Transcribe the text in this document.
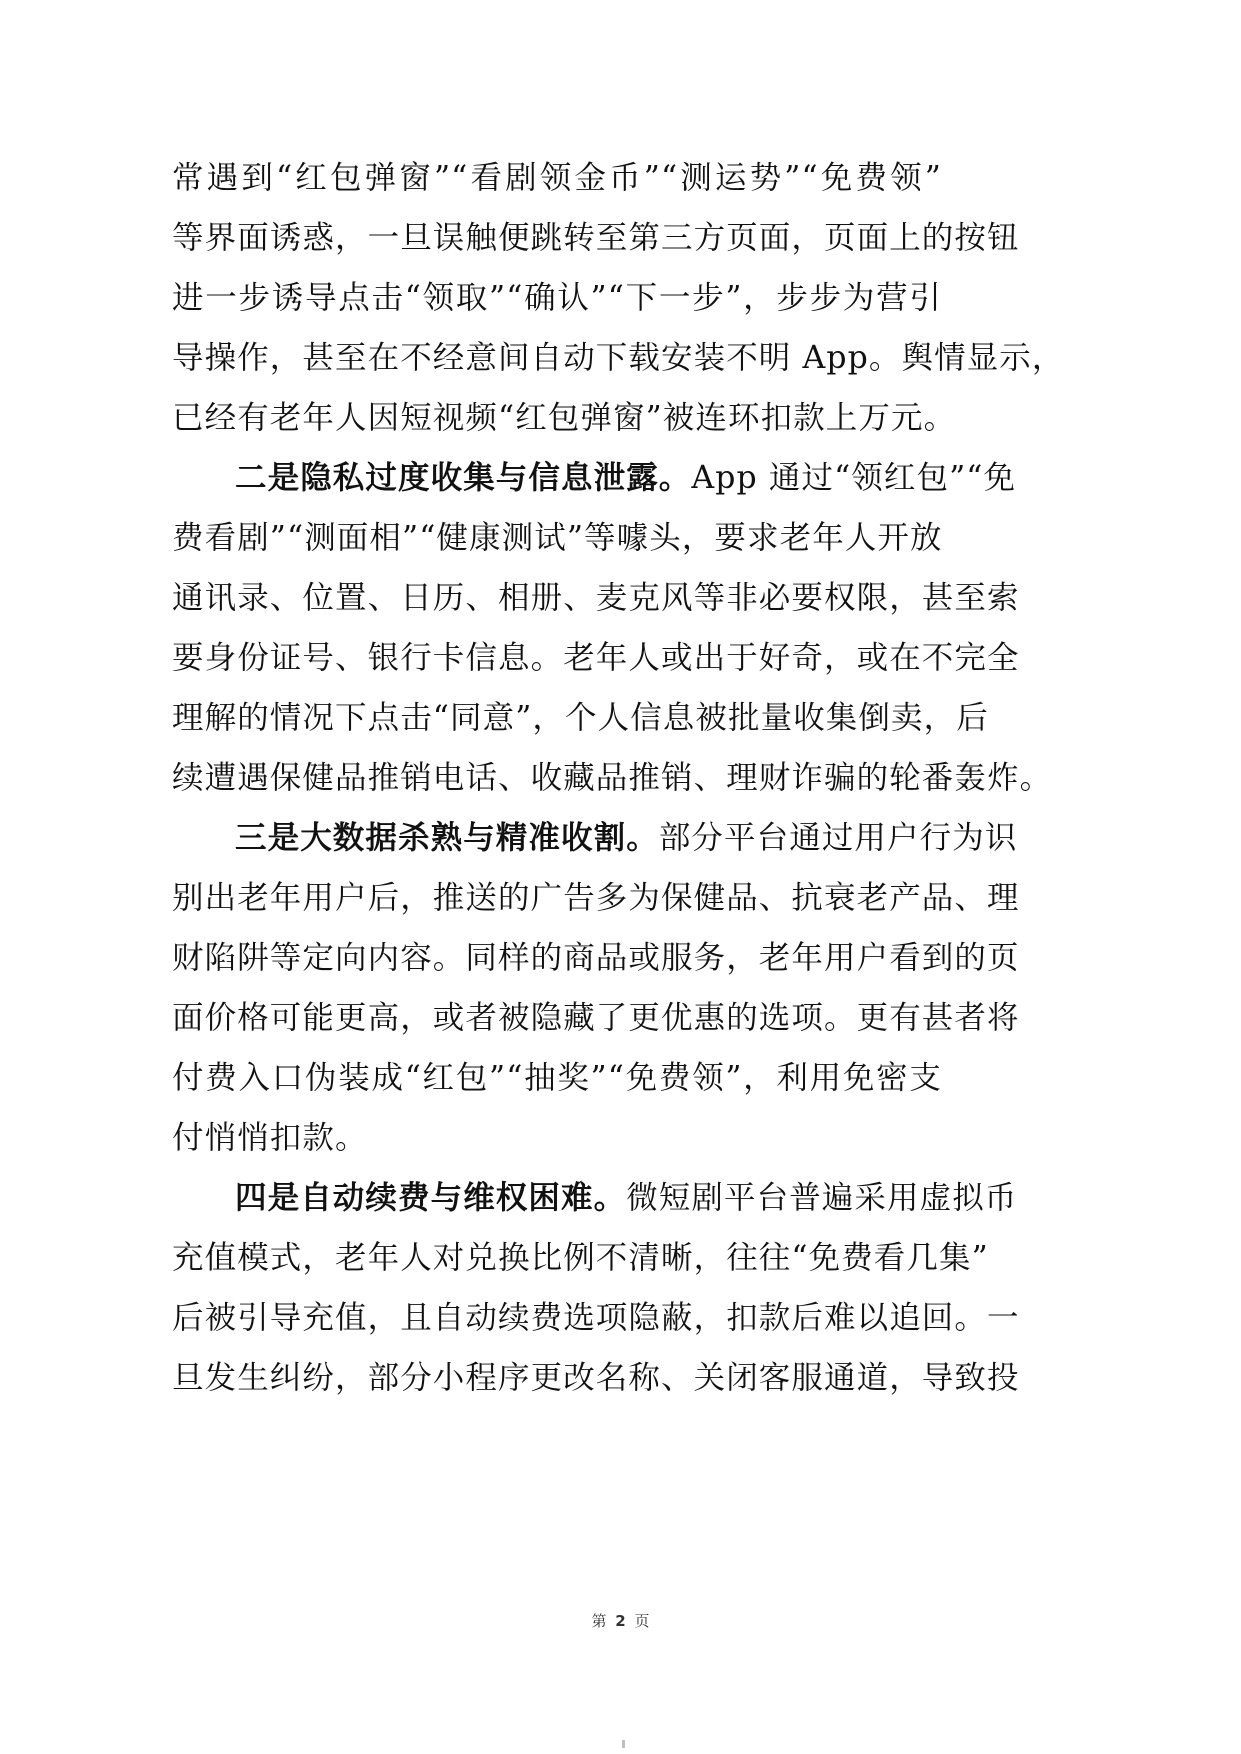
常遇到“红包弹窗”“看剧领金币”“测运势”“免费领”
等界面诱惑，一旦误触便跳转至第三方页面，页面上的按钮
进一步诱导点击“领取”“确认”“下一步”，步步为营引
导操作，甚至在不经意间自动下载安装不明 App。舆情显示，
已经有老年人因短视频“红包弹窗”被连环扣款上万元。
二是隐私过度收集与信息泄露。App 通过“领红包”“免
费看剧”“测面相”“健康测试”等噱头，要求老年人开放
通讯录、位置、日历、相册、麦克风等非必要权限，甚至索
要身份证号、银行卡信息。老年人或出于好奇，或在不完全
理解的情况下点击“同意”，个人信息被批量收集倒卖，后
续遭遇保健品推销电话、收藏品推销、理财诈骗的轮番轰炸。
三是大数据杀熟与精准收割。部分平台通过用户行为识
别出老年用户后，推送的广告多为保健品、抗衰老产品、理
财陷阱等定向内容。同样的商品或服务，老年用户看到的页
面价格可能更高，或者被隐藏了更优惠的选项。更有甚者将
付费入口伪装成“红包”“抽奖”“免费领”，利用免密支
付悄悄扣款。
四是自动续费与维权困难。微短剧平台普遍采用虚拟币
充值模式，老年人对兑换比例不清晰，往往“免费看几集”
后被引导充值，且自动续费选项隐蔽，扣款后难以追回。一
旦发生纠纷，部分小程序更改名称、关闭客服通道，导致投
第 2 页
